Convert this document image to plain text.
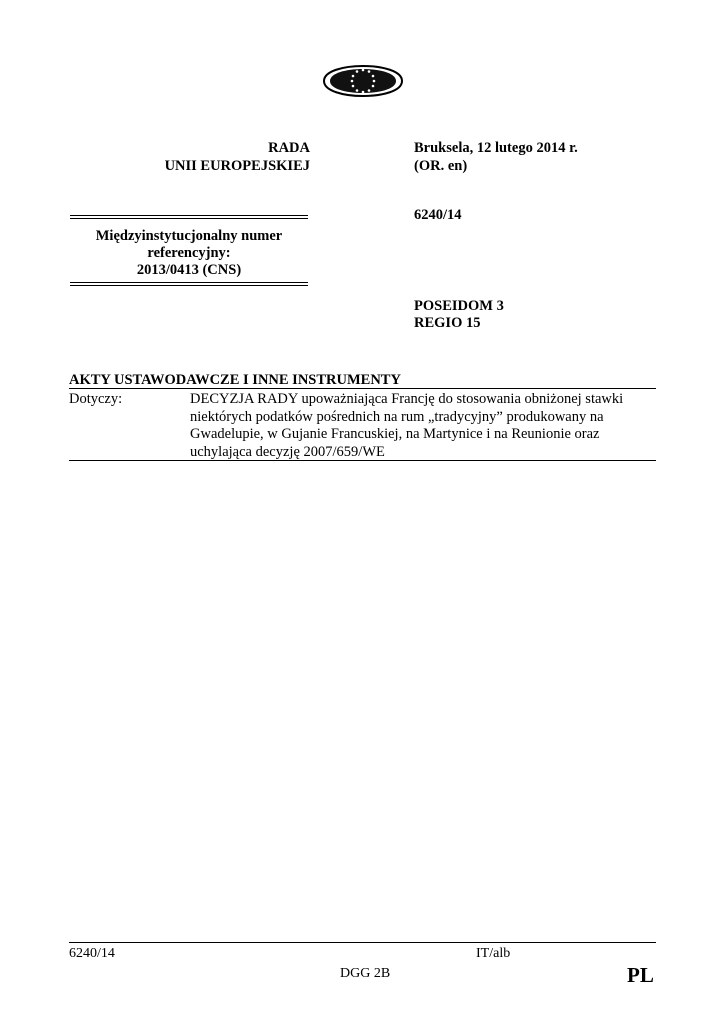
RADA
UNII EUROPEJSKIEJ
Bruksela, 12 lutego 2014 r.
(OR. en)
Międzyinstytucjonalny numer
referencyjny:
2013/0413 (CNS)
6240/14
POSEIDOM 3
REGIO 15
AKTY USTAWODAWCZE I INNE INSTRUMENTY
Dotyczy:	DECYZJA RADY upoważniająca Francję do stosowania obniżonej stawki
niektórych podatków pośrednich na rum „tradycyjny” produkowany na
Gwadelupie, w Gujanie Francuskiej, na Martynice i na Reunionie oraz
uchylająca decyzję 2007/659/WE
6240/14	IT/alb
DGG 2B	PL
